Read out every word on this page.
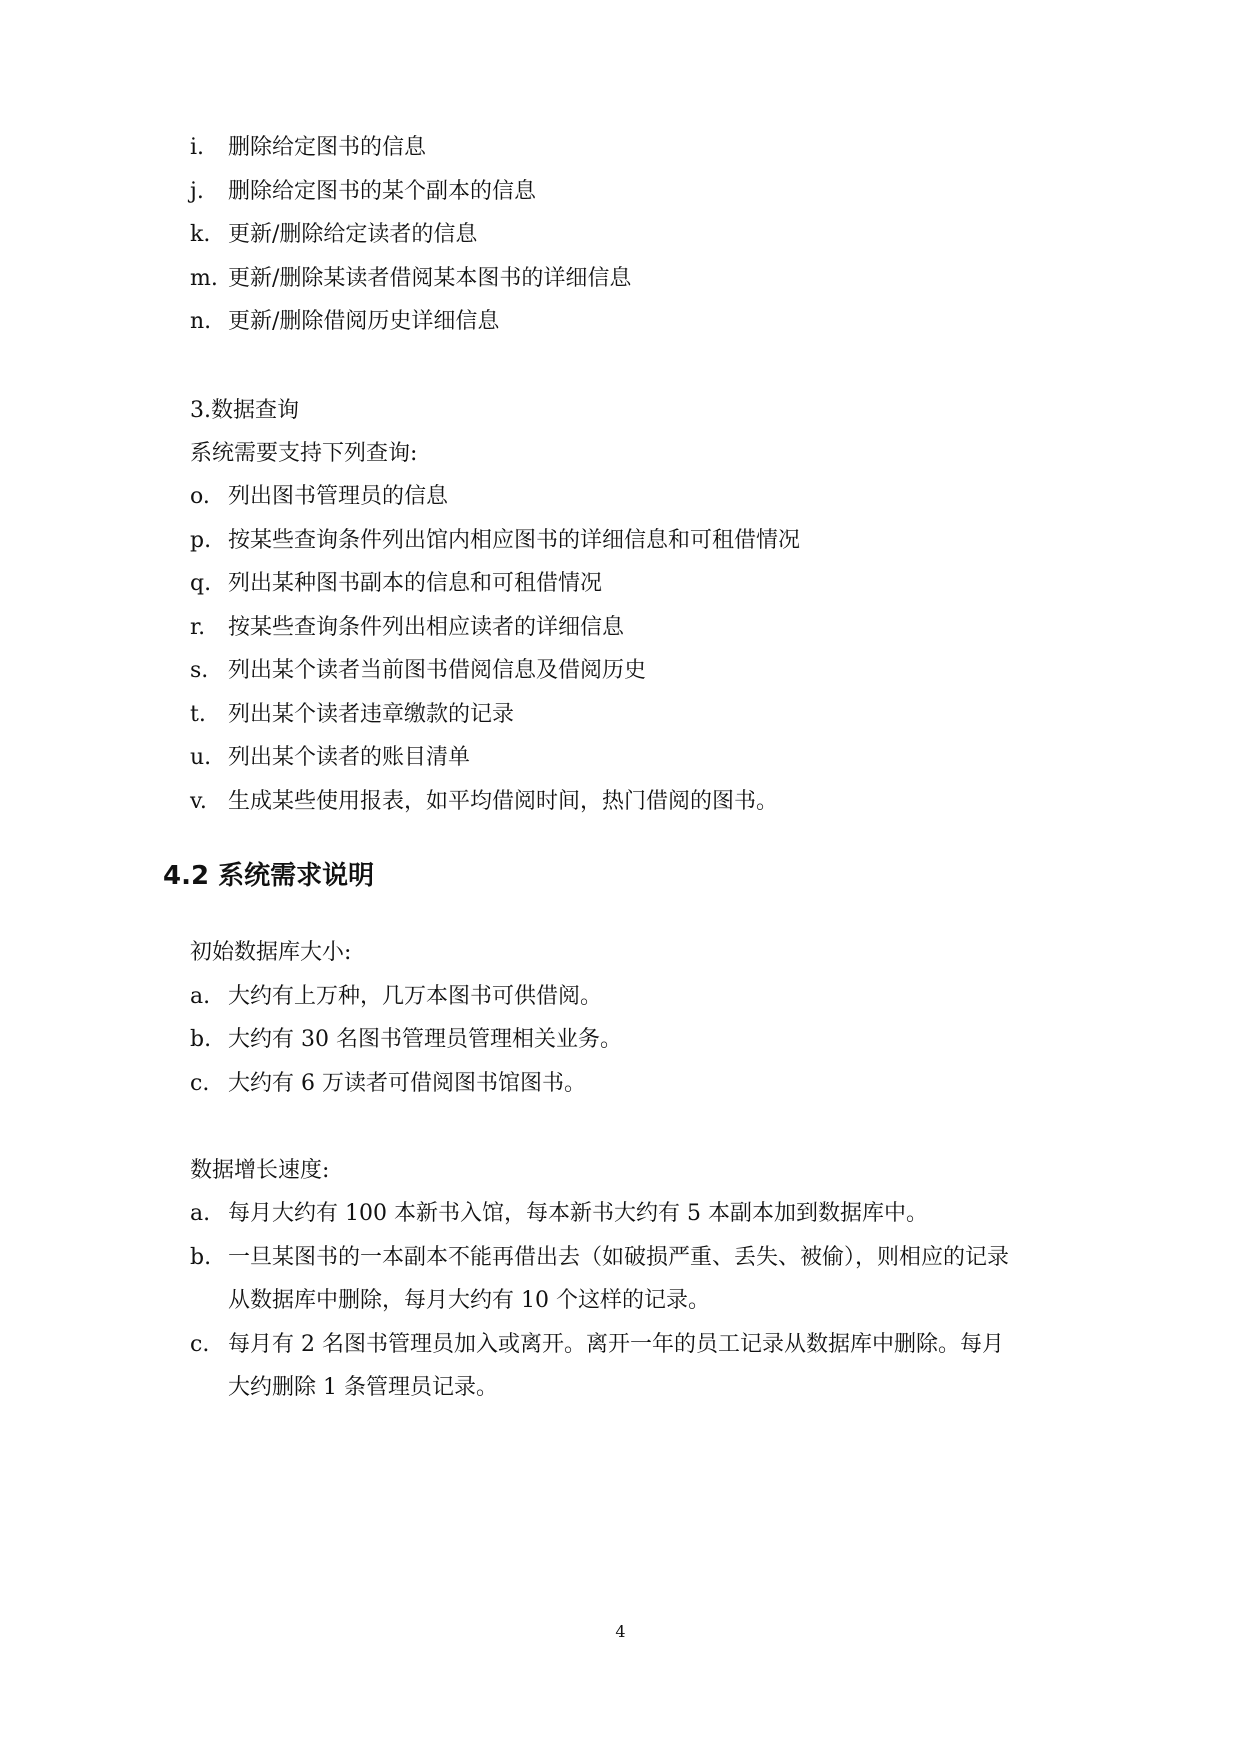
i.	删除给定图书的信息
j.	删除给定图书的某个副本的信息
k. 更新/删除给定读者的信息
m. 更新/删除某读者借阅某本图书的详细信息
n. 更新/删除借阅历史详细信息
3.数据查询
系统需要支持下列查询:
o. 列出图书管理员的信息
p. 按某些查询条件列出馆内相应图书的详细信息和可租借情况
q. 列出某种图书副本的信息和可租借情况
r.	按某些查询条件列出相应读者的详细信息
s. 列出某个读者当前图书借阅信息及借阅历史
t.	列出某个读者违章缴款的记录
u. 列出某个读者的账目清单
v. 生成某些使用报表，如平均借阅时间，热门借阅的图书。
4.2 系统需求说明
初始数据库大小:
a. 大约有上万种，几万本图书可供借阅。
b. 大约有 30 名图书管理员管理相关业务。
c. 大约有 6 万读者可借阅图书馆图书。
数据增长速度:
a. 每月大约有 100 本新书入馆，每本新书大约有 5 本副本加到数据库中。
b. 一旦某图书的一本副本不能再借出去（如破损严重、丢失、被偷），则相应的记录
从数据库中删除，每月大约有 10 个这样的记录。
c. 每月有 2 名图书管理员加入或离开。离开一年的员工记录从数据库中删除。每月
大约删除 1 条管理员记录。
4
